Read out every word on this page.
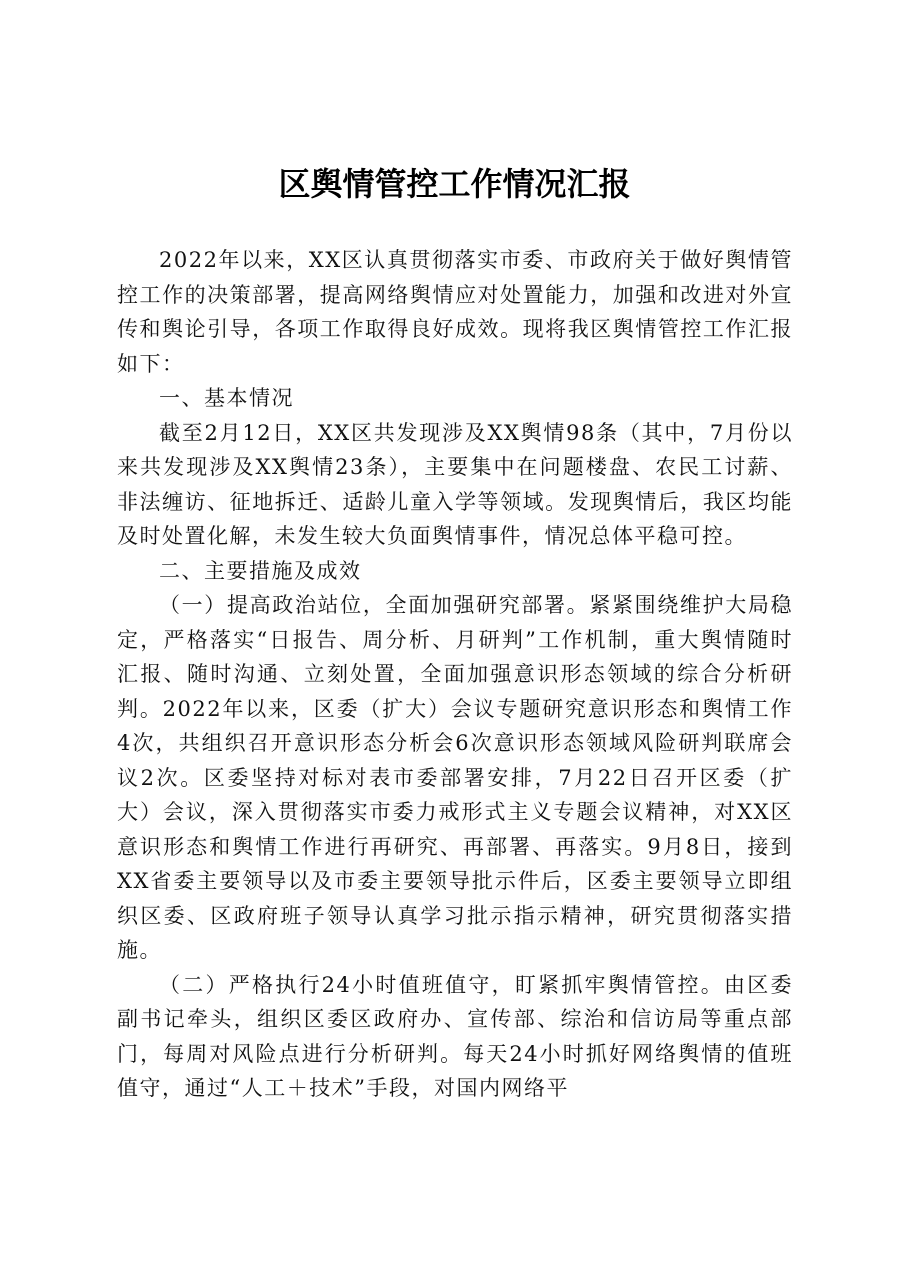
区舆情管控工作情况汇报

2022年以来，XX区认真贯彻落实市委、市政府关于做好舆情管控工作的决策部署，提高网络舆情应对处置能力，加强和改进对外宣传和舆论引导，各项工作取得良好成效。现将我区舆情管控工作汇报如下：

一、基本情况

截至2月12日，XX区共发现涉及XX舆情98条（其中，7月份以来共发现涉及XX舆情23条），主要集中在问题楼盘、农民工讨薪、非法缠访、征地拆迁、适龄儿童入学等领域。发现舆情后，我区均能及时处置化解，未发生较大负面舆情事件，情况总体平稳可控。

二、主要措施及成效

（一）提高政治站位，全面加强研究部署。紧紧围绕维护大局稳定，严格落实“日报告、周分析、月研判”工作机制，重大舆情随时汇报、随时沟通、立刻处置，全面加强意识形态领域的综合分析研判。2022年以来，区委（扩大）会议专题研究意识形态和舆情工作4次，共组织召开意识形态分析会6次意识形态领域风险研判联席会议2次。区委坚持对标对表市委部署安排，7月22日召开区委（扩大）会议，深入贯彻落实市委力戒形式主义专题会议精神，对XX区意识形态和舆情工作进行再研究、再部署、再落实。9月8日，接到XX省委主要领导以及市委主要领导批示件后，区委主要领导立即组织区委、区政府班子领导认真学习批示指示精神，研究贯彻落实措施。

（二）严格执行24小时值班值守，盯紧抓牢舆情管控。由区委副书记牵头，组织区委区政府办、宣传部、综治和信访局等重点部门，每周对风险点进行分析研判。每天24小时抓好网络舆情的值班值守，通过“人工＋技术”手段，对国内网络平
